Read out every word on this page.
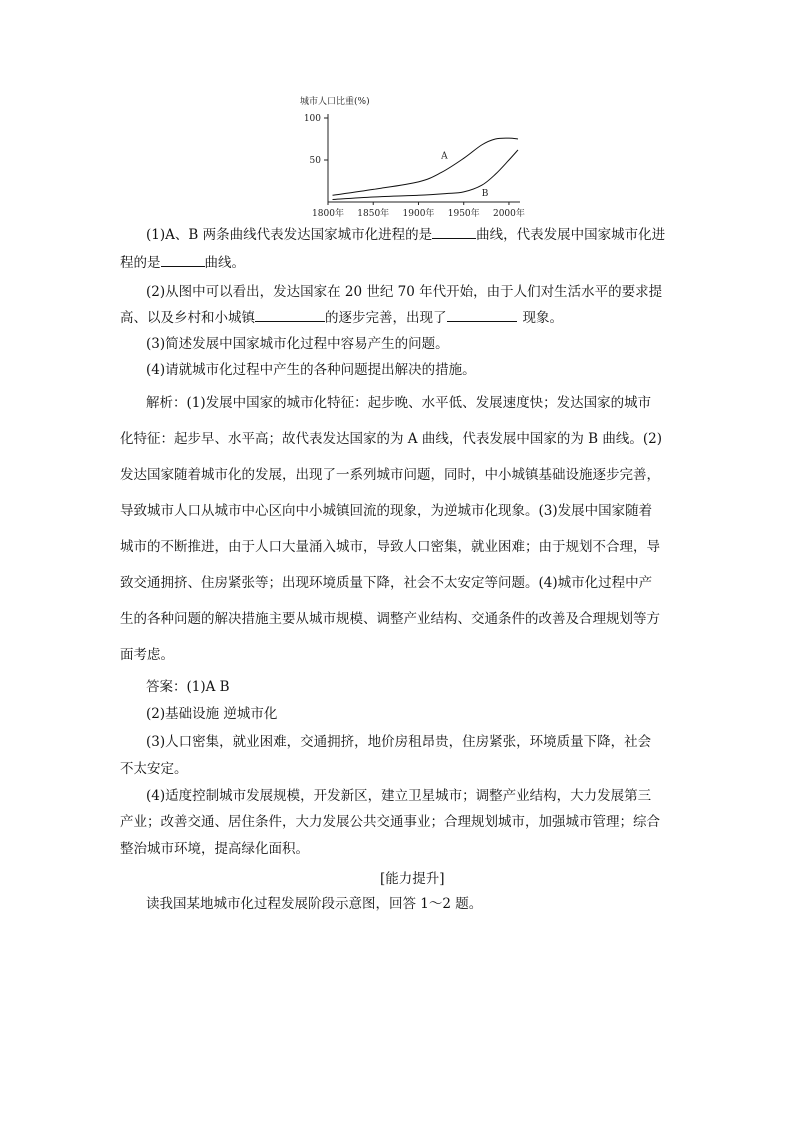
城市人口比重(%)
100
50
1800年 1850年 1900年 1950年 2000年
A
B
(1)A、B 两条曲线代表发达国家城市化进程的是	曲线，代表发展中国家城市化进
程的是	曲线。
(2)从图中可以看出，发达国家在 20 世纪 70 年代开始，由于人们对生活水平的要求提
高、以及乡村和小城镇	的逐步完善，出现了	现象。
(3)简述发展中国家城市化过程中容易产生的问题。
(4)请就城市化过程中产生的各种问题提出解决的措施。
解析：(1)发展中国家的城市化特征：起步晚、水平低、发展速度快；发达国家的城市
化特征：起步早、水平高；故代表发达国家的为 A 曲线，代表发展中国家的为 B 曲线。(2)
发达国家随着城市化的发展，出现了一系列城市问题，同时，中小城镇基础设施逐步完善，
导致城市人口从城市中心区向中小城镇回流的现象，为逆城市化现象。(3)发展中国家随着
城市的不断推进，由于人口大量涌入城市，导致人口密集，就业困难；由于规划不合理，导
致交通拥挤、住房紧张等；出现环境质量下降，社会不太安定等问题。(4)城市化过程中产
生的各种问题的解决措施主要从城市规模、调整产业结构、交通条件的改善及合理规划等方
面考虑。
答案：(1)A B
(2)基础设施 逆城市化
(3)人口密集，就业困难，交通拥挤，地价房租昂贵，住房紧张，环境质量下降，社会
不太安定。
(4)适度控制城市发展规模，开发新区，建立卫星城市；调整产业结构，大力发展第三
产业；改善交通、居住条件，大力发展公共交通事业；合理规划城市，加强城市管理；综合
整治城市环境，提高绿化面积。
[能力提升]
读我国某地城市化过程发展阶段示意图，回答 1～2 题。
